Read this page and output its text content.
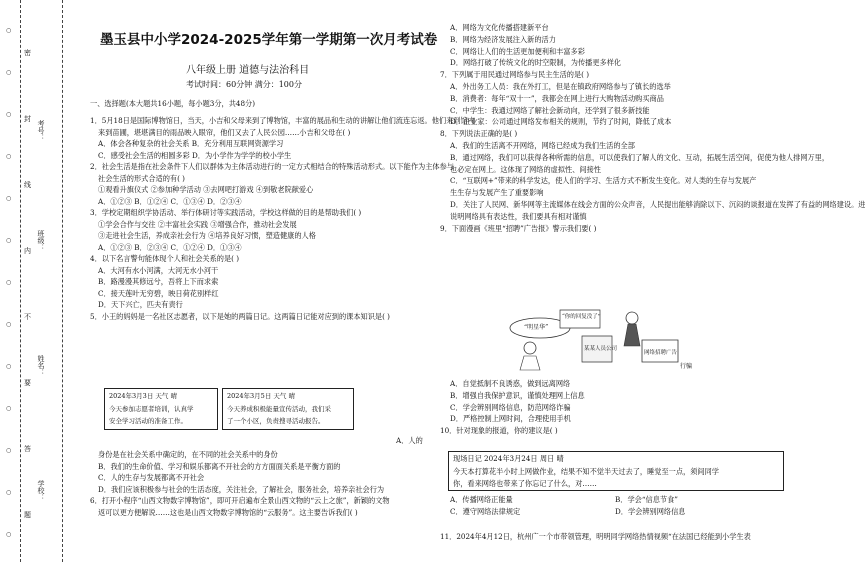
○
○
○
○
○
○
○
○
○
○
○
○
○
密
封
线
内
不
要
答
题
考号：
班级：
姓名：
学校：
墨玉县中小学2024-2025学年第一学期第一次月考试卷
八年级上册 道德与法治科目
考试时间：60分钟 满分：100分
一、选择题(本大题共16小题，每小题3分，共48分)
1．5月18日是国际博物馆日，当天，小吉和父母来到了博物馆，丰富的展品和生动的讲解让他们流连忘返。他们来到馆内
来到苗圃，堪堪满目的雨品映入眼帘，他们又去了人民公园……小吉和父母在( )
A．体会各种复杂的社会关系 B．充分利用互联网资源学习
C．感受社会生活的相圆多彩 D．为小学作为学学的校小学生
2．社会生活是指在社会条件下人们以群体为主体活动进行的一定方式相结合的特殊活动形式。以下能作为主体参与
社会生活的形式合适的有( )
①观看升旗仪式 ②参加种学活动 ③去网吧打游戏 ④到敬老院献爱心
A．①②③ B．①②④ C．①③④ D．②③④
3．学校定期组织学协活动、举行体研讨等实践活动，学校这样做的目的是帮助我们( )
①学会合作与交往 ②丰富社会实践 ③增强合作，推动社会发展
③走进社会生活，养成亲社会行为 ④培养良好习惯，塑造健康的人格
A．①②③ B．②③④ C．①②④ D．①③④
4．以下名言警句能体现个人和社会关系的是( )
A．大河有水小河满，大河无水小河干
B．路漫漫其修远兮，吾将上下而求索
C．接天莲叶无穷碧，映日荷花别样红
D．天下兴亡，匹夫有责行
5．小王的妈妈是一名社区志愿者，以下是她的两篇日记。这两篇日记能对应到的课本知识是( )
2024年3月3日 天气 晴
今天参加志愿者培训，认真学
安全学习活动的准备工作。
2024年3月5日 天气 晴
今天养成积极能量宣传活动，我们采
了一个小区，负责搜寻活动报告。
A．人的
身份是在社会关系中确定的，在不同的社会关系中的身份
B．我们的生命价值、学习和娱乐都离不开社会的方方面面关系是平衡方面的
C．人的生存与发展都离不开社会
D．我们应该积极参与社会的生活态度，关注社会，了解社会，服务社会，培养亲社会行为
6．打开小程序“山西文物数字博物馆”，即可开启遍布全景山西文物的“云上之旅”，新颖的文物
返可以更方便解说……这也是山西文物数字博物馆的“云服务”。这主要告诉我们( )
A．网络为文化传播搭建新平台
B．网络为经济发展注入新的活力
C．网络让人们的生活更加便利和丰富多彩
D．网络打破了传统文化的时空限制，为传播更多样化
7．下列属于用民通过网络参与民主生活的是( )
A．外出务工人员：我在外打工，但是在镇政府网络参与了镇长的选举
B．消费者：每年“双十一”，我都会在网上进行大购物活动购买商品
C．中学生：我通过网络了解社会新动向，还学到了很多新技能
D．企业家：公司通过网络发布相关的规则，节约了时间，降低了成本
8．下列说法正确的是( )
A．我们的生活离不开网络，网络已经成为我们生活的全部
B．通过网络，我们可以获得各种所需的信息，可以使我们了解人的文化、互动，拓展生活空间，促使为他人排网万里，
也必定在网上。这体现了网络的虚拟性、间接性
C．“互联网+”带来的科学发达，使人们的学习、生活方式不断发生变化。对人类的生存与发展产
生生存与发展产生了重要影响
D．关注了人民网、新华网等主流媒体在线会方面的公众声音，人民提出能够消除以下、沉闷的谈报道在发挥了有益的网络建设。进
说明网络具有表达性，我们要具有相对谨慎
9．下面漫画《班里“招聘”广告报》警示我们要( )
“明星华”
“你的回复没了”
某某人员公司
网络招聘广告
行骗
A．自觉抵制不良诱惑，做到远离网络
B．增强自我保护意识，谨慎处理网上信息
C．学会辨别网络信息，防范网络诈骗
D．严格控制上网时间，合理使用手机
10．针对现象的报道，你的建议是( )
现场日记 2024年3月24日 周日 晴
今天本打算花半小时上网做作业，结果不知不觉半天过去了，睡觉至一点，须间同学
你，看来网络也带来了你忘记了什么，对……
A．传播网络正能量	B．学会“信息节食”
C．遵守网络法律规定	D．学会辨别网络信息
11．2024年4月12日，杭州广一个市带领管理，明明同学网络热情视频“在法国已经能到小学生表
